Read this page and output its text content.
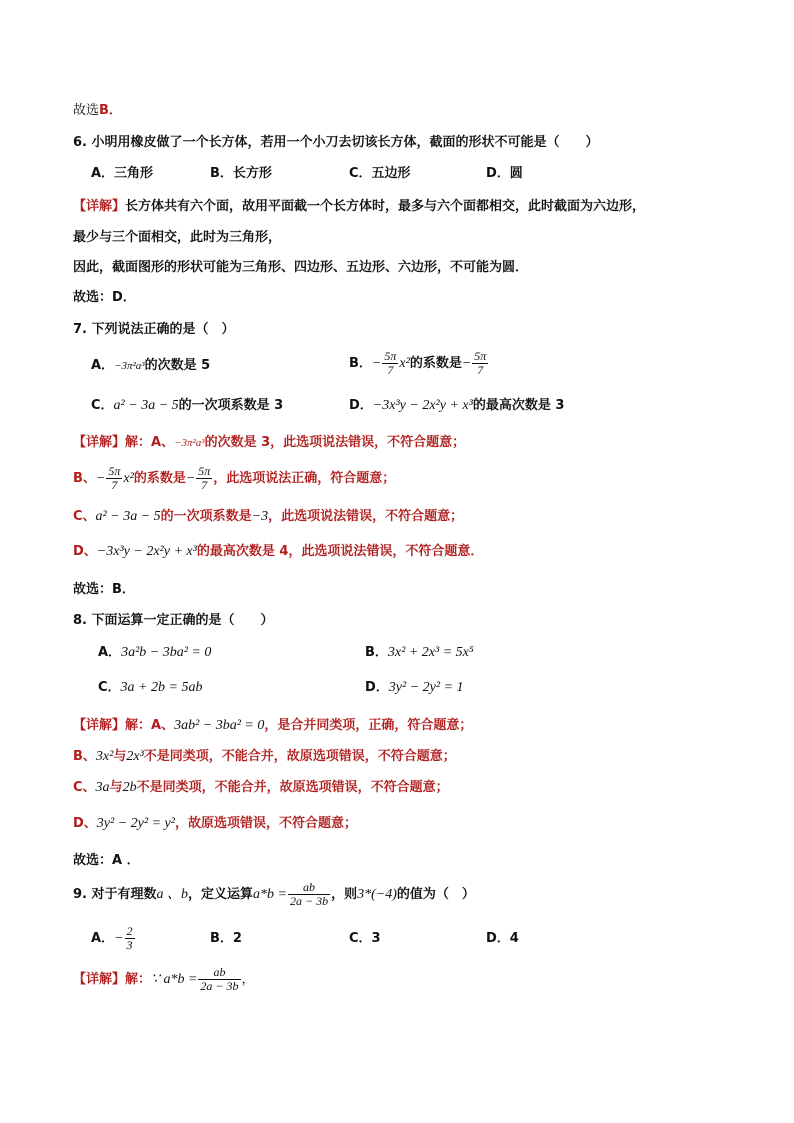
故选B．
6. 小明用橡皮做了一个长方体，若用一个小刀去切该长方体，截面的形状不可能是（　　）
A．三角形	B．长方形	C．五边形	D．圆
【详解】长方体共有六个面，故用平面截一个长方体时，最多与六个面都相交，此时截面为六边形，
最少与三个面相交，此时为三角形，
因此，截面图形的形状可能为三角形、四边形、五边形、六边形，不可能为圆．
故选：D．
7. 下列说法正确的是（　）
A．−3π²a³的次数是 5	B．− $\frac{5\pi}{7} x^2$的系数是− $\frac{5\pi}{7}$
C．a² − 3a − 5的一次项系数是 3	D．−3x³y − 2x²y + x³的最高次数是 3
【详解】解：A、−3π²a³的次数是 3，此选项说法错误，不符合题意；
B、− $\frac{5\pi}{7} x^2$的系数是− $\frac{5\pi}{7}$ ，此选项说法正确，符合题意；
C、a² − 3a − 5的一次项系数是−3，此选项说法错误，不符合题意；
D、−3x³y − 2x²y + x³的最高次数是 4，此选项说法错误，不符合题意．
故选：B．
8. 下面运算一定正确的是（　　）
A．3a²b − 3ba² = 0	B．3x² + 2x³ = 5x⁵
C．3a + 2b = 5ab	D．3y² − 2y² = 1
【详解】解：A、3ab² − 3ba² = 0，是合并同类项，正确，符合题意；
B、3x²与2x³不是同类项，不能合并，故原选项错误，不符合题意；
C、3a与2b不是同类项，不能合并，故原选项错误，不符合题意；
D、3y² − 2y² = y²，故原选项错误，不符合题意；
故选：A ．
9. 对于有理数a 、b，定义运算$a*b = \frac{ab}{2a - 3b}$ ，则3*(−4)的值为（　）
A．− $\frac{2}{3}$	B．2	C．3	D．4
【详解】解：∵ $a*b = \frac{ab}{2a - 3b}$ ，
